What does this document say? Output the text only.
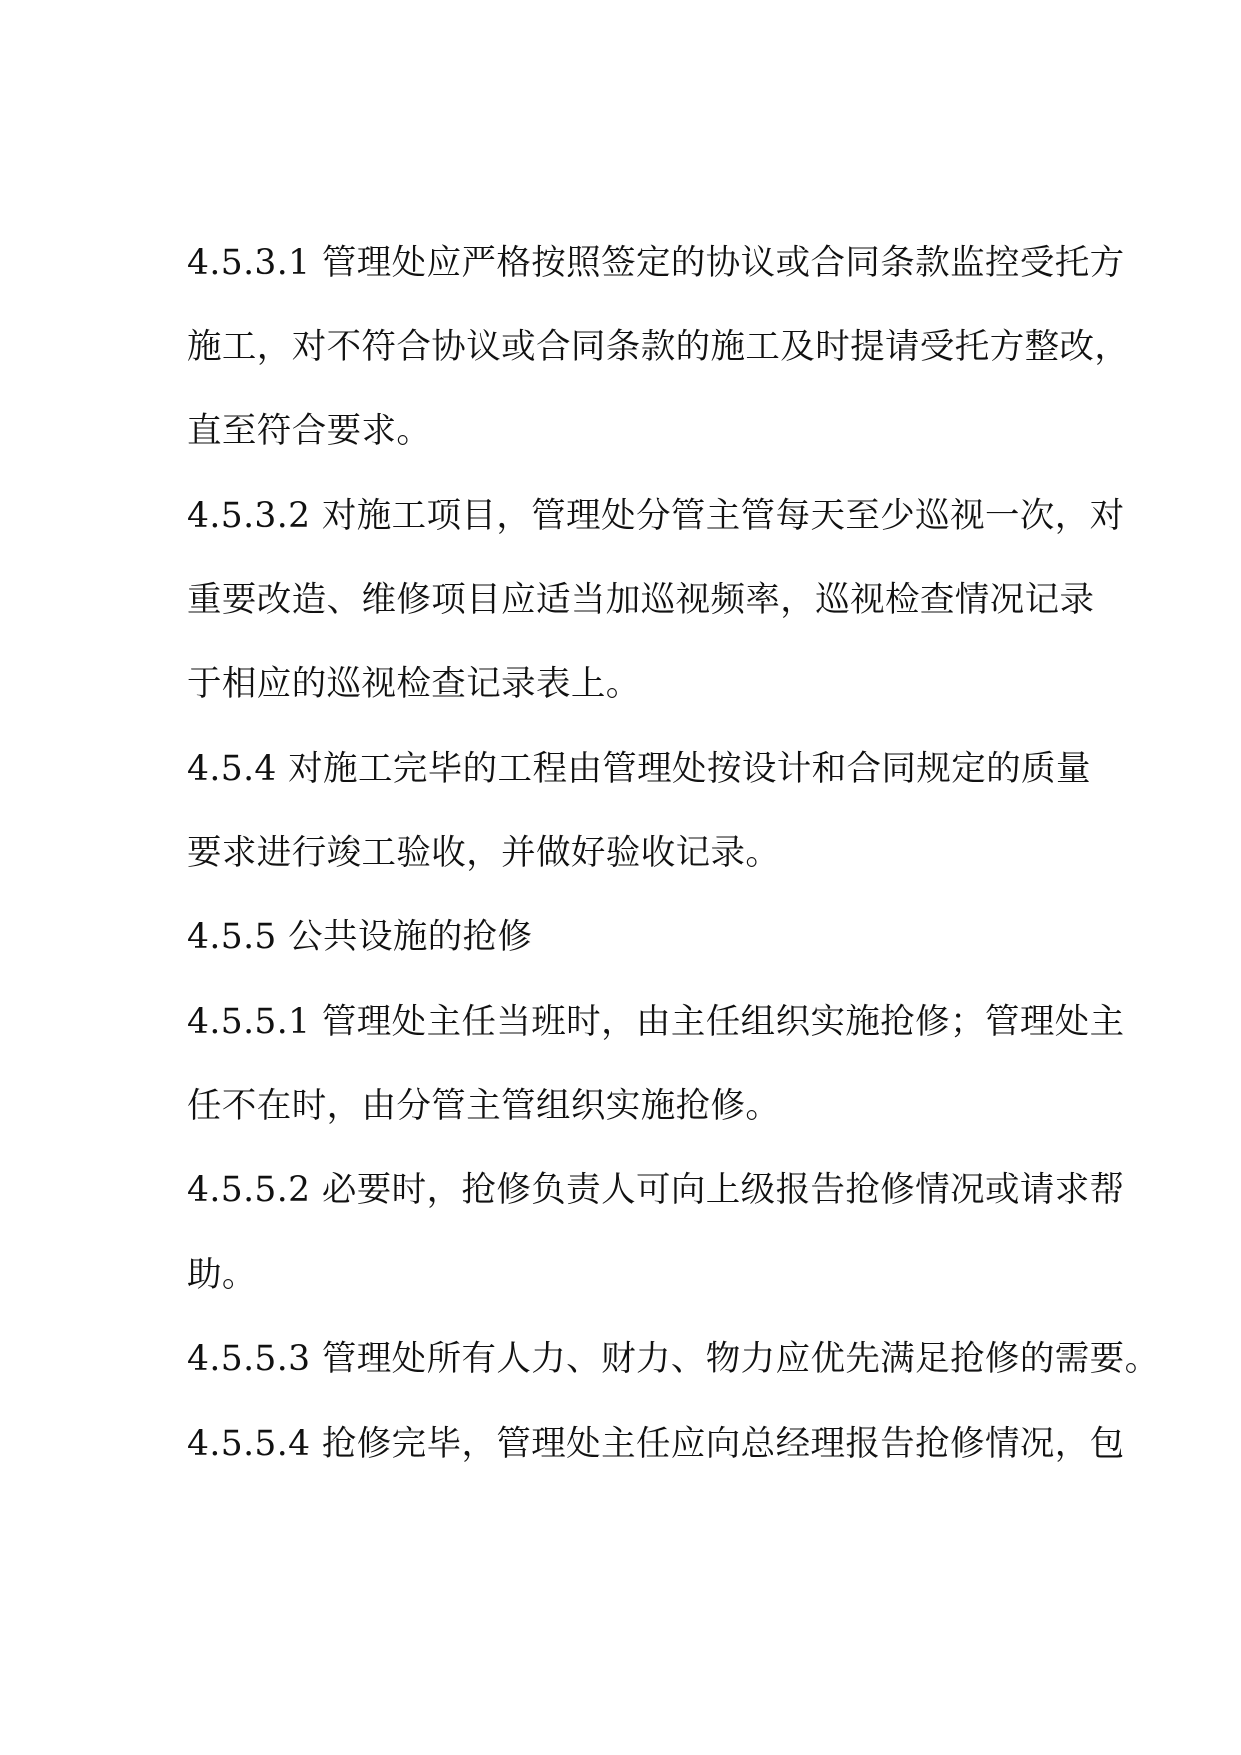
4.5.3.1 管理处应严格按照签定的协议或合同条款监控受托方
施工，对不符合协议或合同条款的施工及时提请受托方整改，
直至符合要求。
4.5.3.2 对施工项目，管理处分管主管每天至少巡视一次，对
重要改造、维修项目应适当加巡视频率，巡视检查情况记录
于相应的巡视检查记录表上。
4.5.4 对施工完毕的工程由管理处按设计和合同规定的质量
要求进行竣工验收，并做好验收记录。
4.5.5 公共设施的抢修
4.5.5.1 管理处主任当班时，由主任组织实施抢修；管理处主
任不在时，由分管主管组织实施抢修。
4.5.5.2 必要时，抢修负责人可向上级报告抢修情况或请求帮
助。
4.5.5.3 管理处所有人力、财力、物力应优先满足抢修的需要。
4.5.5.4 抢修完毕，管理处主任应向总经理报告抢修情况，包
